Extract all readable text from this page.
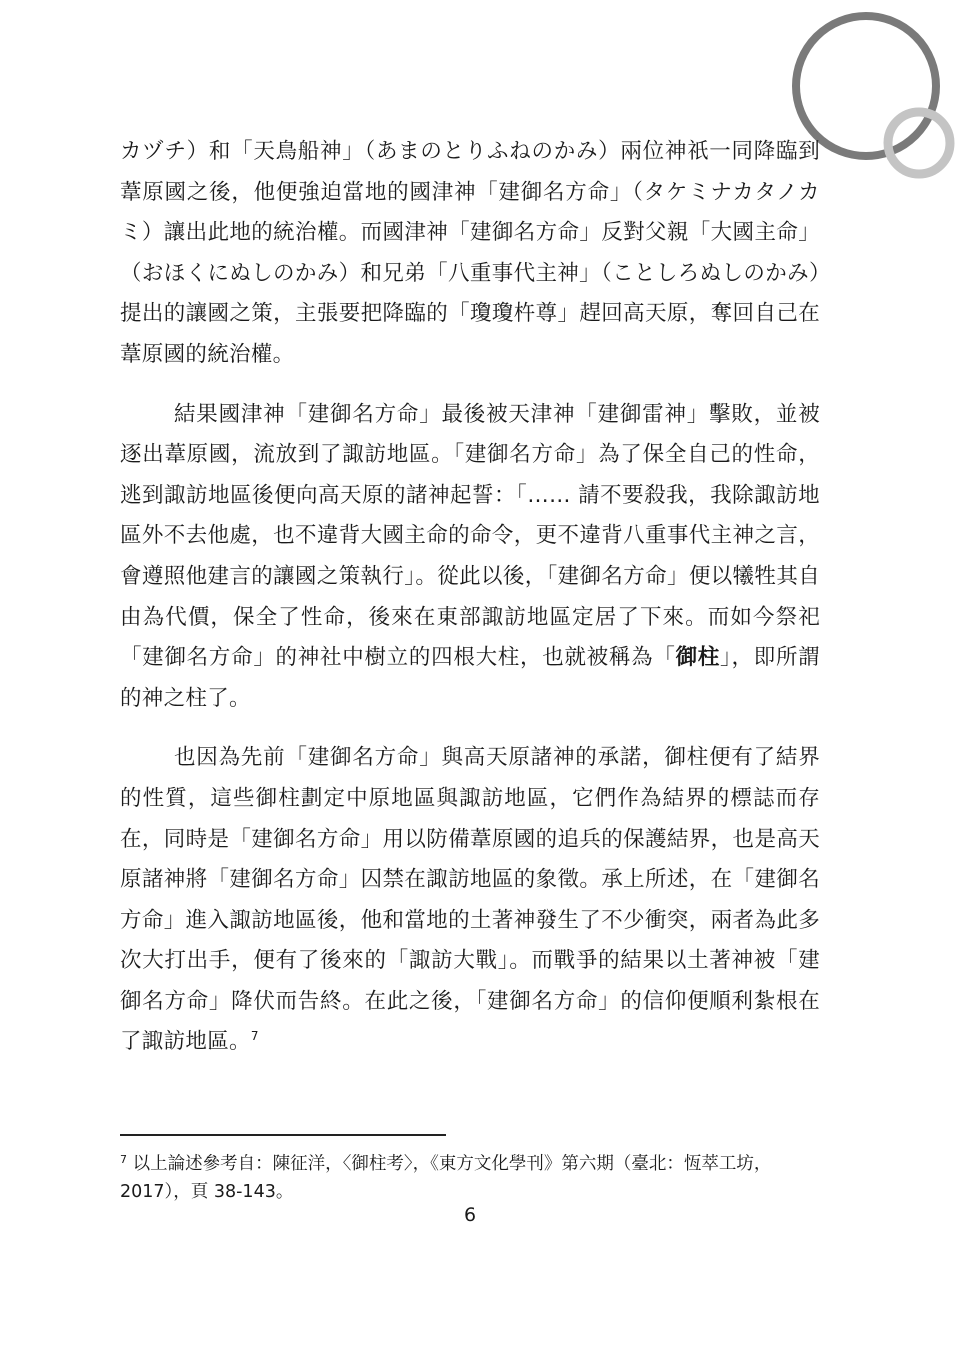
カヅチ）和「天鳥船神」（あまのとりふねのかみ）兩位神祇一同降臨到葦原國之後，他便強迫當地的國津神「建御名方命」（タケミナカタノカミ）讓出此地的統治權。而國津神「建御名方命」反對父親「大國主命」（おほくにぬしのかみ）和兄弟「八重事代主神」（ことしろぬしのかみ）提出的讓國之策，主張要把降臨的「瓊瓊杵尊」趕回高天原，奪回自己在葦原國的統治權。

結果國津神「建御名方命」最後被天津神「建御雷神」擊敗，並被逐出葦原國，流放到了諏訪地區。「建御名方命」為了保全自己的性命，逃到諏訪地區後便向高天原的諸神起誓：「…… 請不要殺我，我除諏訪地區外不去他處，也不違背大國主命的命令，更不違背八重事代主神之言，會遵照他建言的讓國之策執行」。從此以後，「建御名方命」便以犧牲其自由為代價，保全了性命，後來在東部諏訪地區定居了下來。而如今祭祀「建御名方命」的神社中樹立的四根大柱，也就被稱為「御柱」，即所謂的神之柱了。

也因為先前「建御名方命」與高天原諸神的承諾，御柱便有了結界的性質，這些御柱劃定中原地區與諏訪地區，它們作為結界的標誌而存在，同時是「建御名方命」用以防備葦原國的追兵的保護結界，也是高天原諸神將「建御名方命」囚禁在諏訪地區的象徵。承上所述，在「建御名方命」進入諏訪地區後，他和當地的土著神發生了不少衝突，兩者為此多次大打出手，便有了後來的「諏訪大戰」。而戰爭的結果以土著神被「建御名方命」降伏而告終。在此之後，「建御名方命」的信仰便順利紮根在了諏訪地區。$^7$

$^7$ 以上論述參考自：陳征洋，〈御柱考〉，《東方文化學刊》第六期（臺北：恆萃工坊，2017），頁 38-143。
6
